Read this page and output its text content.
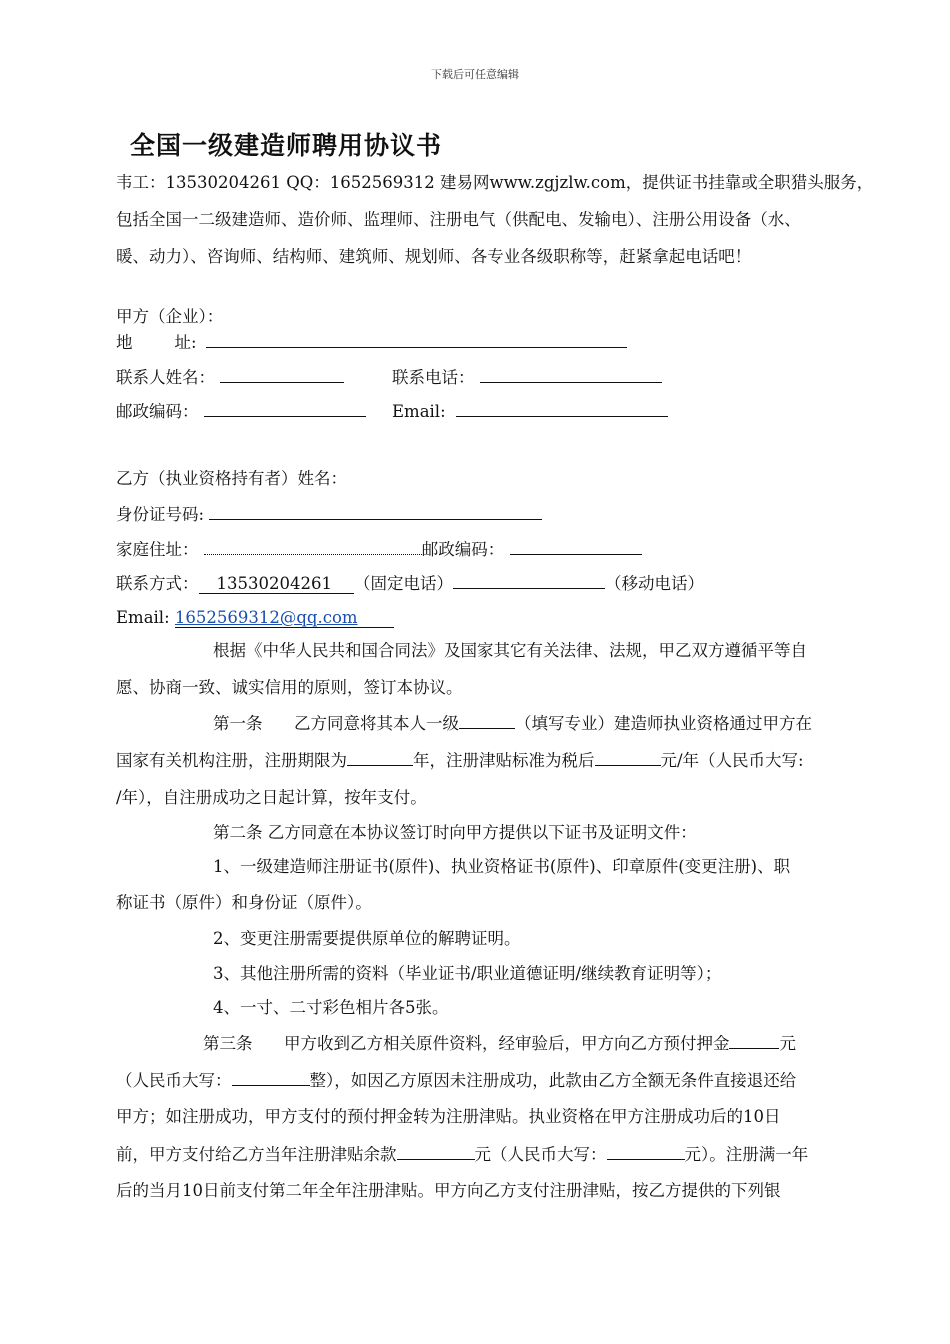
下载后可任意编辑
全国一级建造师聘用协议书
韦工：13530204261 QQ：1652569312 建易网www.zgjzlw.com，提供证书挂靠或全职猎头服务，
包括全国一二级建造师、造价师、监理师、注册电气（供配电、发输电）、注册公用设备（水、
暖、动力）、咨询师、结构师、建筑师、规划师、各专业各级职称等，赶紧拿起电话吧！
甲方（企业）：
地        址:
联系人姓名：	联系电话：
邮政编码：	Email:
乙方（执业资格持有者）姓名：
身份证号码:
家庭住址：	邮政编码：
联系方式： 13530204261 （固定电话）	（移动电话）
Email: 1652569312@qq.com
根据《中华人民共和国合同法》及国家其它有关法律、法规，甲乙双方遵循平等自
愿、协商一致、诚实信用的原则，签订本协议。
第一条      乙方同意将其本人一级	（填写专业）建造师执业资格通过甲方在
国家有关机构注册，注册期限为	年，注册津贴标准为税后	元/年（人民币大写:
/年），自注册成功之日起计算，按年支付。
第二条 乙方同意在本协议签订时向甲方提供以下证书及证明文件：
1、一级建造师注册证书(原件)、执业资格证书(原件)、印章原件(变更注册)、职
称证书（原件）和身份证（原件）。
2、变更注册需要提供原单位的解聘证明。
3、其他注册所需的资料（毕业证书/职业道德证明/继续教育证明等）；
4、一寸、二寸彩色相片各5张。
第三条      甲方收到乙方相关原件资料，经审验后，甲方向乙方预付押金	元
（人民币大写：	整），如因乙方原因未注册成功，此款由乙方全额无条件直接退还给
甲方；如注册成功，甲方支付的预付押金转为注册津贴。执业资格在甲方注册成功后的10日
前，甲方支付给乙方当年注册津贴余款	元（人民币大写：	元）。注册满一年
后的当月10日前支付第二年全年注册津贴。甲方向乙方支付注册津贴，按乙方提供的下列银
